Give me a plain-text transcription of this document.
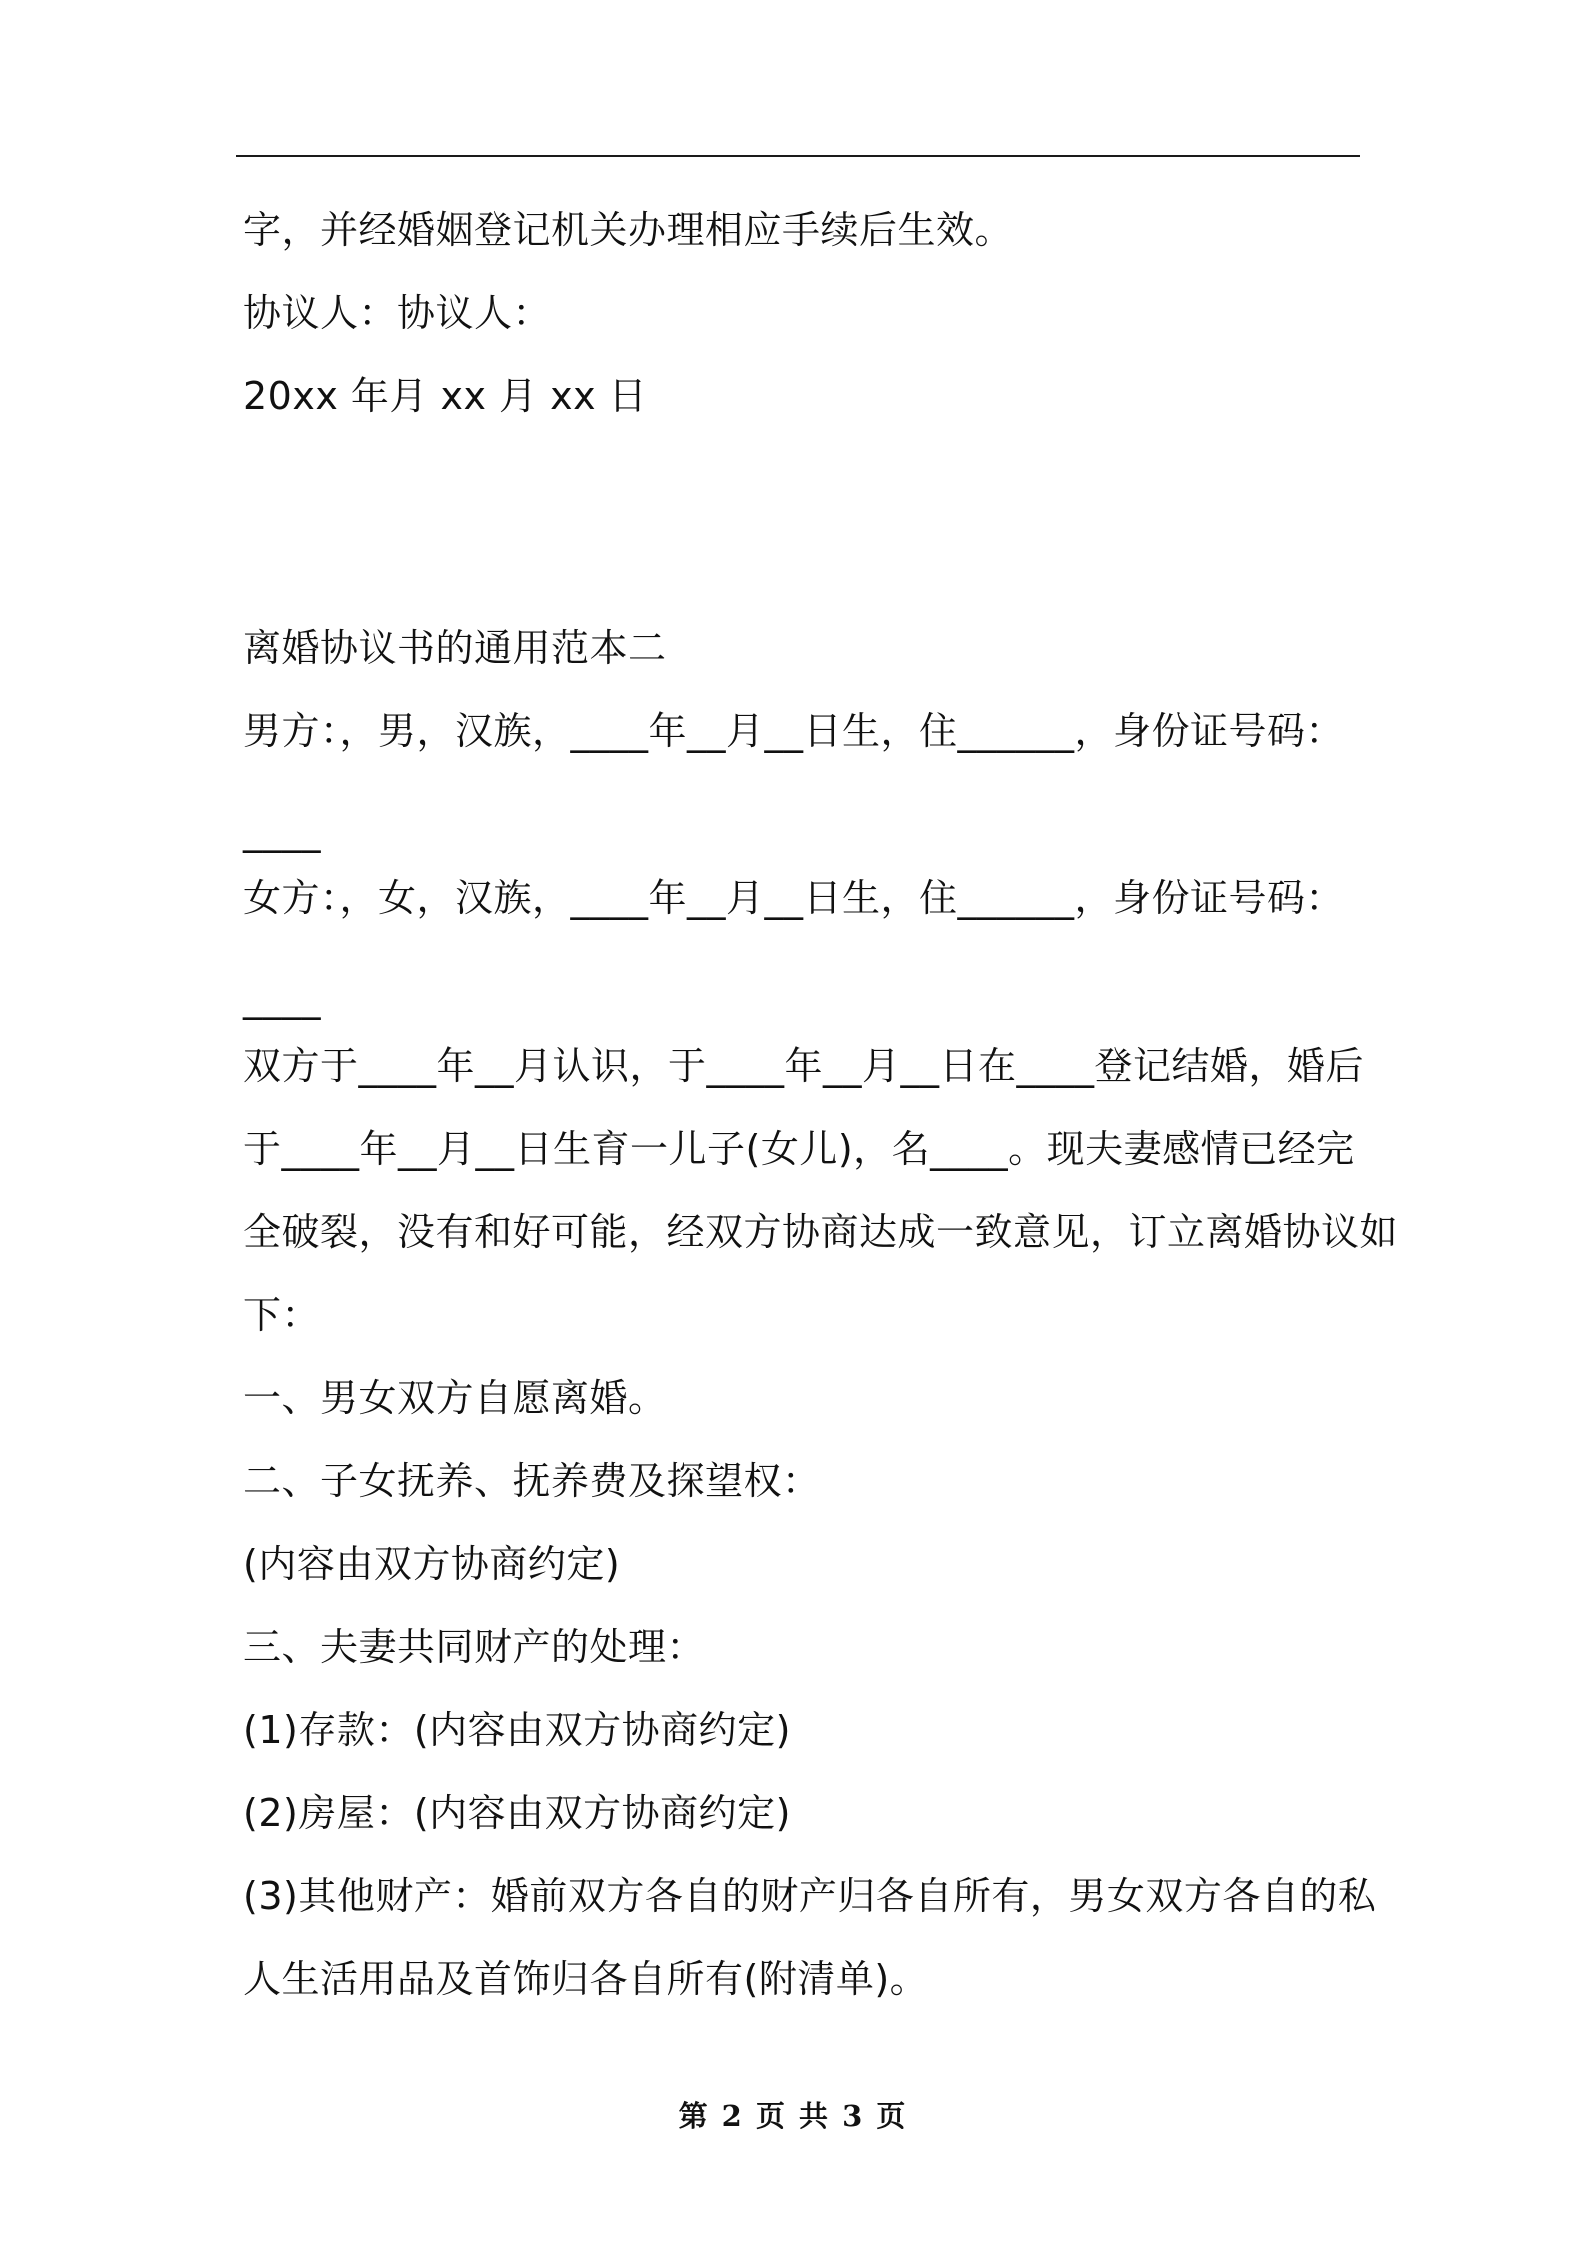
字，并经婚姻登记机关办理相应手续后生效。
协议人：协议人：
20xx 年月 xx 月 xx 日
离婚协议书的通用范本二
男方：，男，汉族，____年__月__日生，住______，身份证号码：
____
女方：，女，汉族，____年__月__日生，住______，身份证号码：
____
双方于____年__月认识，于____年__月__日在____登记结婚，婚后
于____年__月__日生育一儿子(女儿)，名____。现夫妻感情已经完
全破裂，没有和好可能，经双方协商达成一致意见，订立离婚协议如
下：
一、男女双方自愿离婚。
二、子女抚养、抚养费及探望权：
(内容由双方协商约定)
三、夫妻共同财产的处理：
(1)存款：(内容由双方协商约定)
(2)房屋：(内容由双方协商约定)
(3)其他财产：婚前双方各自的财产归各自所有，男女双方各自的私
人生活用品及首饰归各自所有(附清单)。
第 2 页 共 3 页
